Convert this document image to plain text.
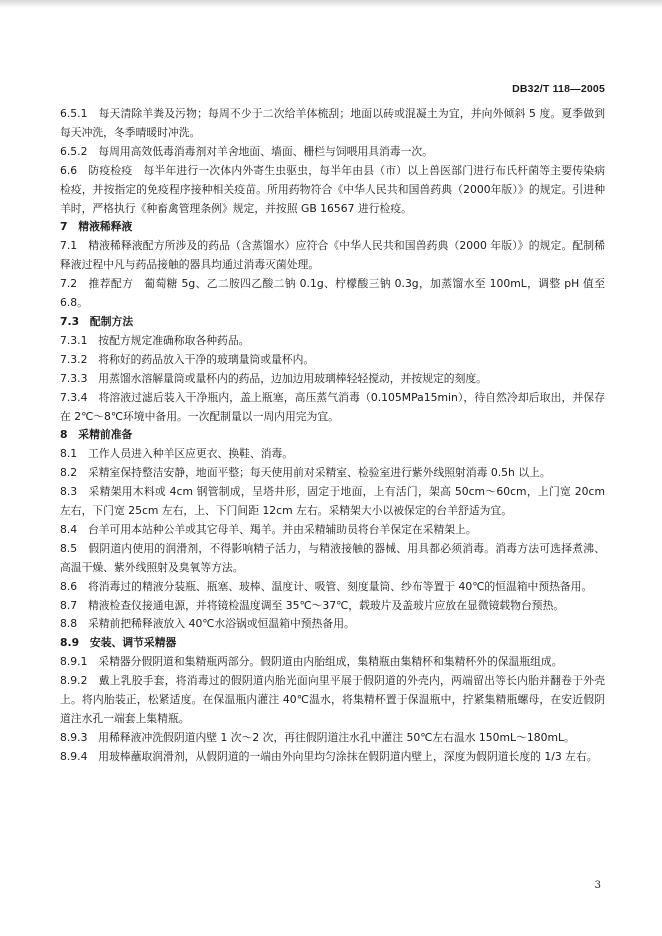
DB32/T 118—2005

6.5.1　每天清除羊粪及污物；每周不少于二次给羊体梳刮；地面以砖或混凝土为宜，并向外倾斜 5 度。夏季做到每天冲洗，冬季晴暖时冲洗。

6.5.2　每周用高效低毒消毒剂对羊舍地面、墙面、栅栏与饲喂用具消毒一次。

6.6　防疫检疫　每半年进行一次体内外寄生虫驱虫，每半年由县（市）以上兽医部门进行布氏杆菌等主要传染病检疫，并按指定的免疫程序接种相关疫苗。所用药物符合《中华人民共和国兽药典（2000年版）》的规定。引进种羊时，严格执行《种畜禽管理条例》规定，并按照 GB 16567 进行检疫。

7　精液稀释液

7.1　精液稀释液配方所涉及的药品（含蒸馏水）应符合《中华人民共和国兽药典（2000 年版）》的规定。配制稀释液过程中凡与药品接触的器具均通过消毒灭菌处理。

7.2　推荐配方　葡萄糖 5g、乙二胺四乙酸二钠 0.1g、柠檬酸三钠 0.3g，加蒸馏水至 100mL，调整 pH 值至 6.8。

7.3　配制方法

7.3.1　按配方规定准确称取各种药品。

7.3.2　将称好的药品放入干净的玻璃量筒或量杯内。

7.3.3　用蒸馏水溶解量筒或量杯内的药品，边加边用玻璃棒轻轻搅动，并按规定的刻度。

7.3.4　将溶液过滤后装入干净瓶内，盖上瓶塞，高压蒸气消毒（0.105MPa15min），待自然冷却后取出，并保存在 2℃～8℃环境中备用。一次配制量以一周内用完为宜。

8　采精前准备

8.1　工作人员进入种羊区应更衣、换鞋、消毒。

8.2　采精室保持整洁安静，地面平整；每天使用前对采精室、检验室进行紫外线照射消毒 0.5h 以上。

8.3　采精架用木料或 4cm 钢管制成，呈塔井形，固定于地面，上有活门，架高 50cm～60cm，上门宽 20cm 左右，下门宽 25cm 左右，上、下门间距 12cm 左右。采精架大小以被保定的台羊舒适为宜。

8.4　台羊可用本站种公羊或其它母羊、羯羊。并由采精辅助员将台羊保定在采精架上。

8.5　假阴道内使用的润滑剂，不得影响精子活力，与精液接触的器械、用具都必须消毒。消毒方法可选择煮沸、高温干燥、紫外线照射及臭氧等方法。

8.6　将消毒过的精液分装瓶、瓶塞、玻棒、温度计、吸管、刻度量筒、纱布等置于 40℃的恒温箱中预热备用。

8.7　精液检查仪接通电源，并将镜检温度调至 35℃～37℃，载玻片及盖玻片应放在显微镜载物台预热。

8.8　采精前把稀释液放入 40℃水浴锅或恒温箱中预热备用。

8.9　安装、调节采精器

8.9.1　采精器分假阴道和集精瓶两部分。假阴道由内胎组成，集精瓶由集精杯和集精杯外的保温瓶组成。

8.9.2　戴上乳胶手套，将消毒过的假阴道内胎光面向里平展于假阴道的外壳内，两端留出等长内胎并翻卷于外壳上。将内胎装正，松紧适度。在保温瓶内灌注 40℃温水，将集精杯置于保温瓶中，拧紧集精瓶螺母，在安近假阴道注水孔一端套上集精瓶。

8.9.3　用稀释液冲洗假阴道内壁 1 次～2 次，再往假阴道注水孔中灌注 50℃左右温水 150mL～180mL。

8.9.4　用玻棒蘸取润滑剂，从假阴道的一端由外向里均匀涂抹在假阴道内壁上，深度为假阴道长度的 1/3 左右。

3
